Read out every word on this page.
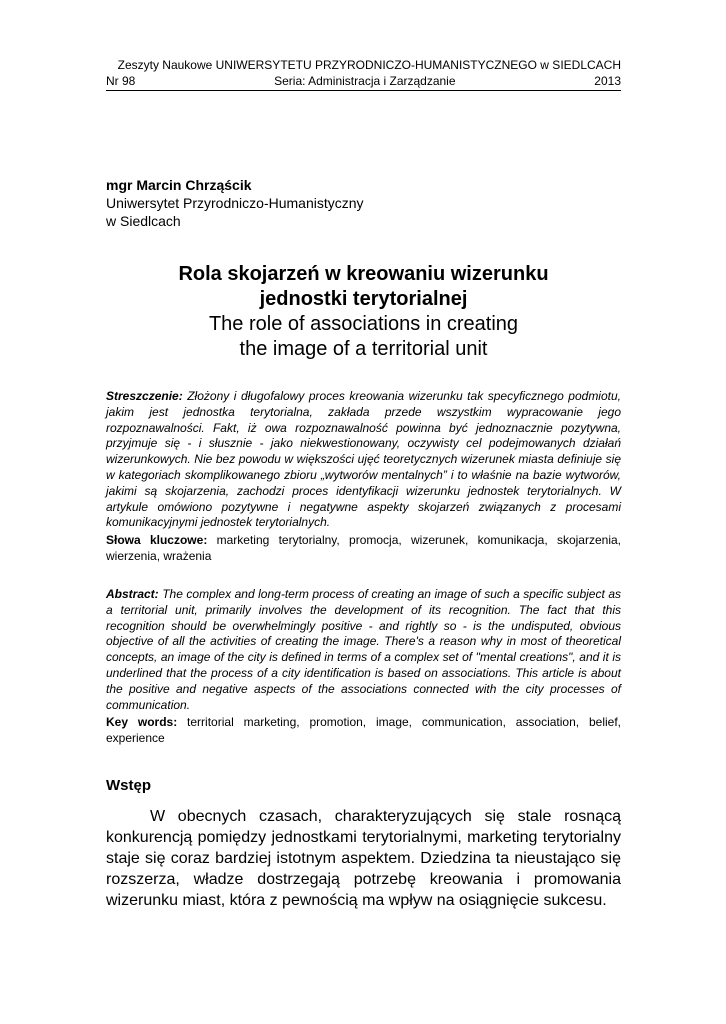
Zeszyty Naukowe UNIWERSYTETU PRZYRODNICZO-HUMANISTYCZNEGO w SIEDLCACH
Nr 98	Seria: Administracja i Zarządzanie	2013
mgr Marcin Chrząścik
Uniwersytet Przyrodniczo-Humanistyczny
w Siedlcach
Rola skojarzeń w kreowaniu wizerunku
jednostki terytorialnej
The role of associations in creating
the image of a territorial unit
Streszczenie: Złożony i długofalowy proces kreowania wizerunku tak specyficznego podmiotu, jakim jest jednostka terytorialna, zakłada przede wszystkim wypracowanie jego rozpoznawalności. Fakt, iż owa rozpoznawalność powinna być jednoznacznie pozytywna, przyjmuje się - i słusznie - jako niekwestionowany, oczywisty cel podejmowanych działań wizerunkowych. Nie bez powodu w większości ujęć teoretycznych wizerunek miasta definiuje się w kategoriach skomplikowanego zbioru „wytworów mentalnych” i to właśnie na bazie wytworów, jakimi są skojarzenia, zachodzi proces identyfikacji wizerunku jednostek terytorialnych. W artykule omówiono pozytywne i negatywne aspekty skojarzeń związanych z procesami komunikacyjnymi jednostek terytorialnych.
Słowa kluczowe: marketing terytorialny, promocja, wizerunek, komunikacja, skojarzenia, wierzenia, wrażenia
Abstract: The complex and long-term process of creating an image of such a specific subject as a territorial unit, primarily involves the development of its recognition. The fact that this recognition should be overwhelmingly positive - and rightly so - is the undisputed, obvious objective of all the activities of creating the image. There's a reason why in most of theoretical concepts, an image of the city is defined in terms of a complex set of "mental creations", and it is underlined that the process of a city identification is based on associations. This article is about the positive and negative aspects of the associations connected with the city processes of communication.
Key words: territorial marketing, promotion, image, communication, association, belief, experience
Wstęp
W obecnych czasach, charakteryzujących się stale rosnącą konkurencją pomiędzy jednostkami terytorialnymi, marketing terytorialny staje się coraz bardziej istotnym aspektem. Dziedzina ta nieustająco się rozszerza, władze dostrzegają potrzebę kreowania i promowania wizerunku miast, która z pewnością ma wpływ na osiągnięcie sukcesu.
